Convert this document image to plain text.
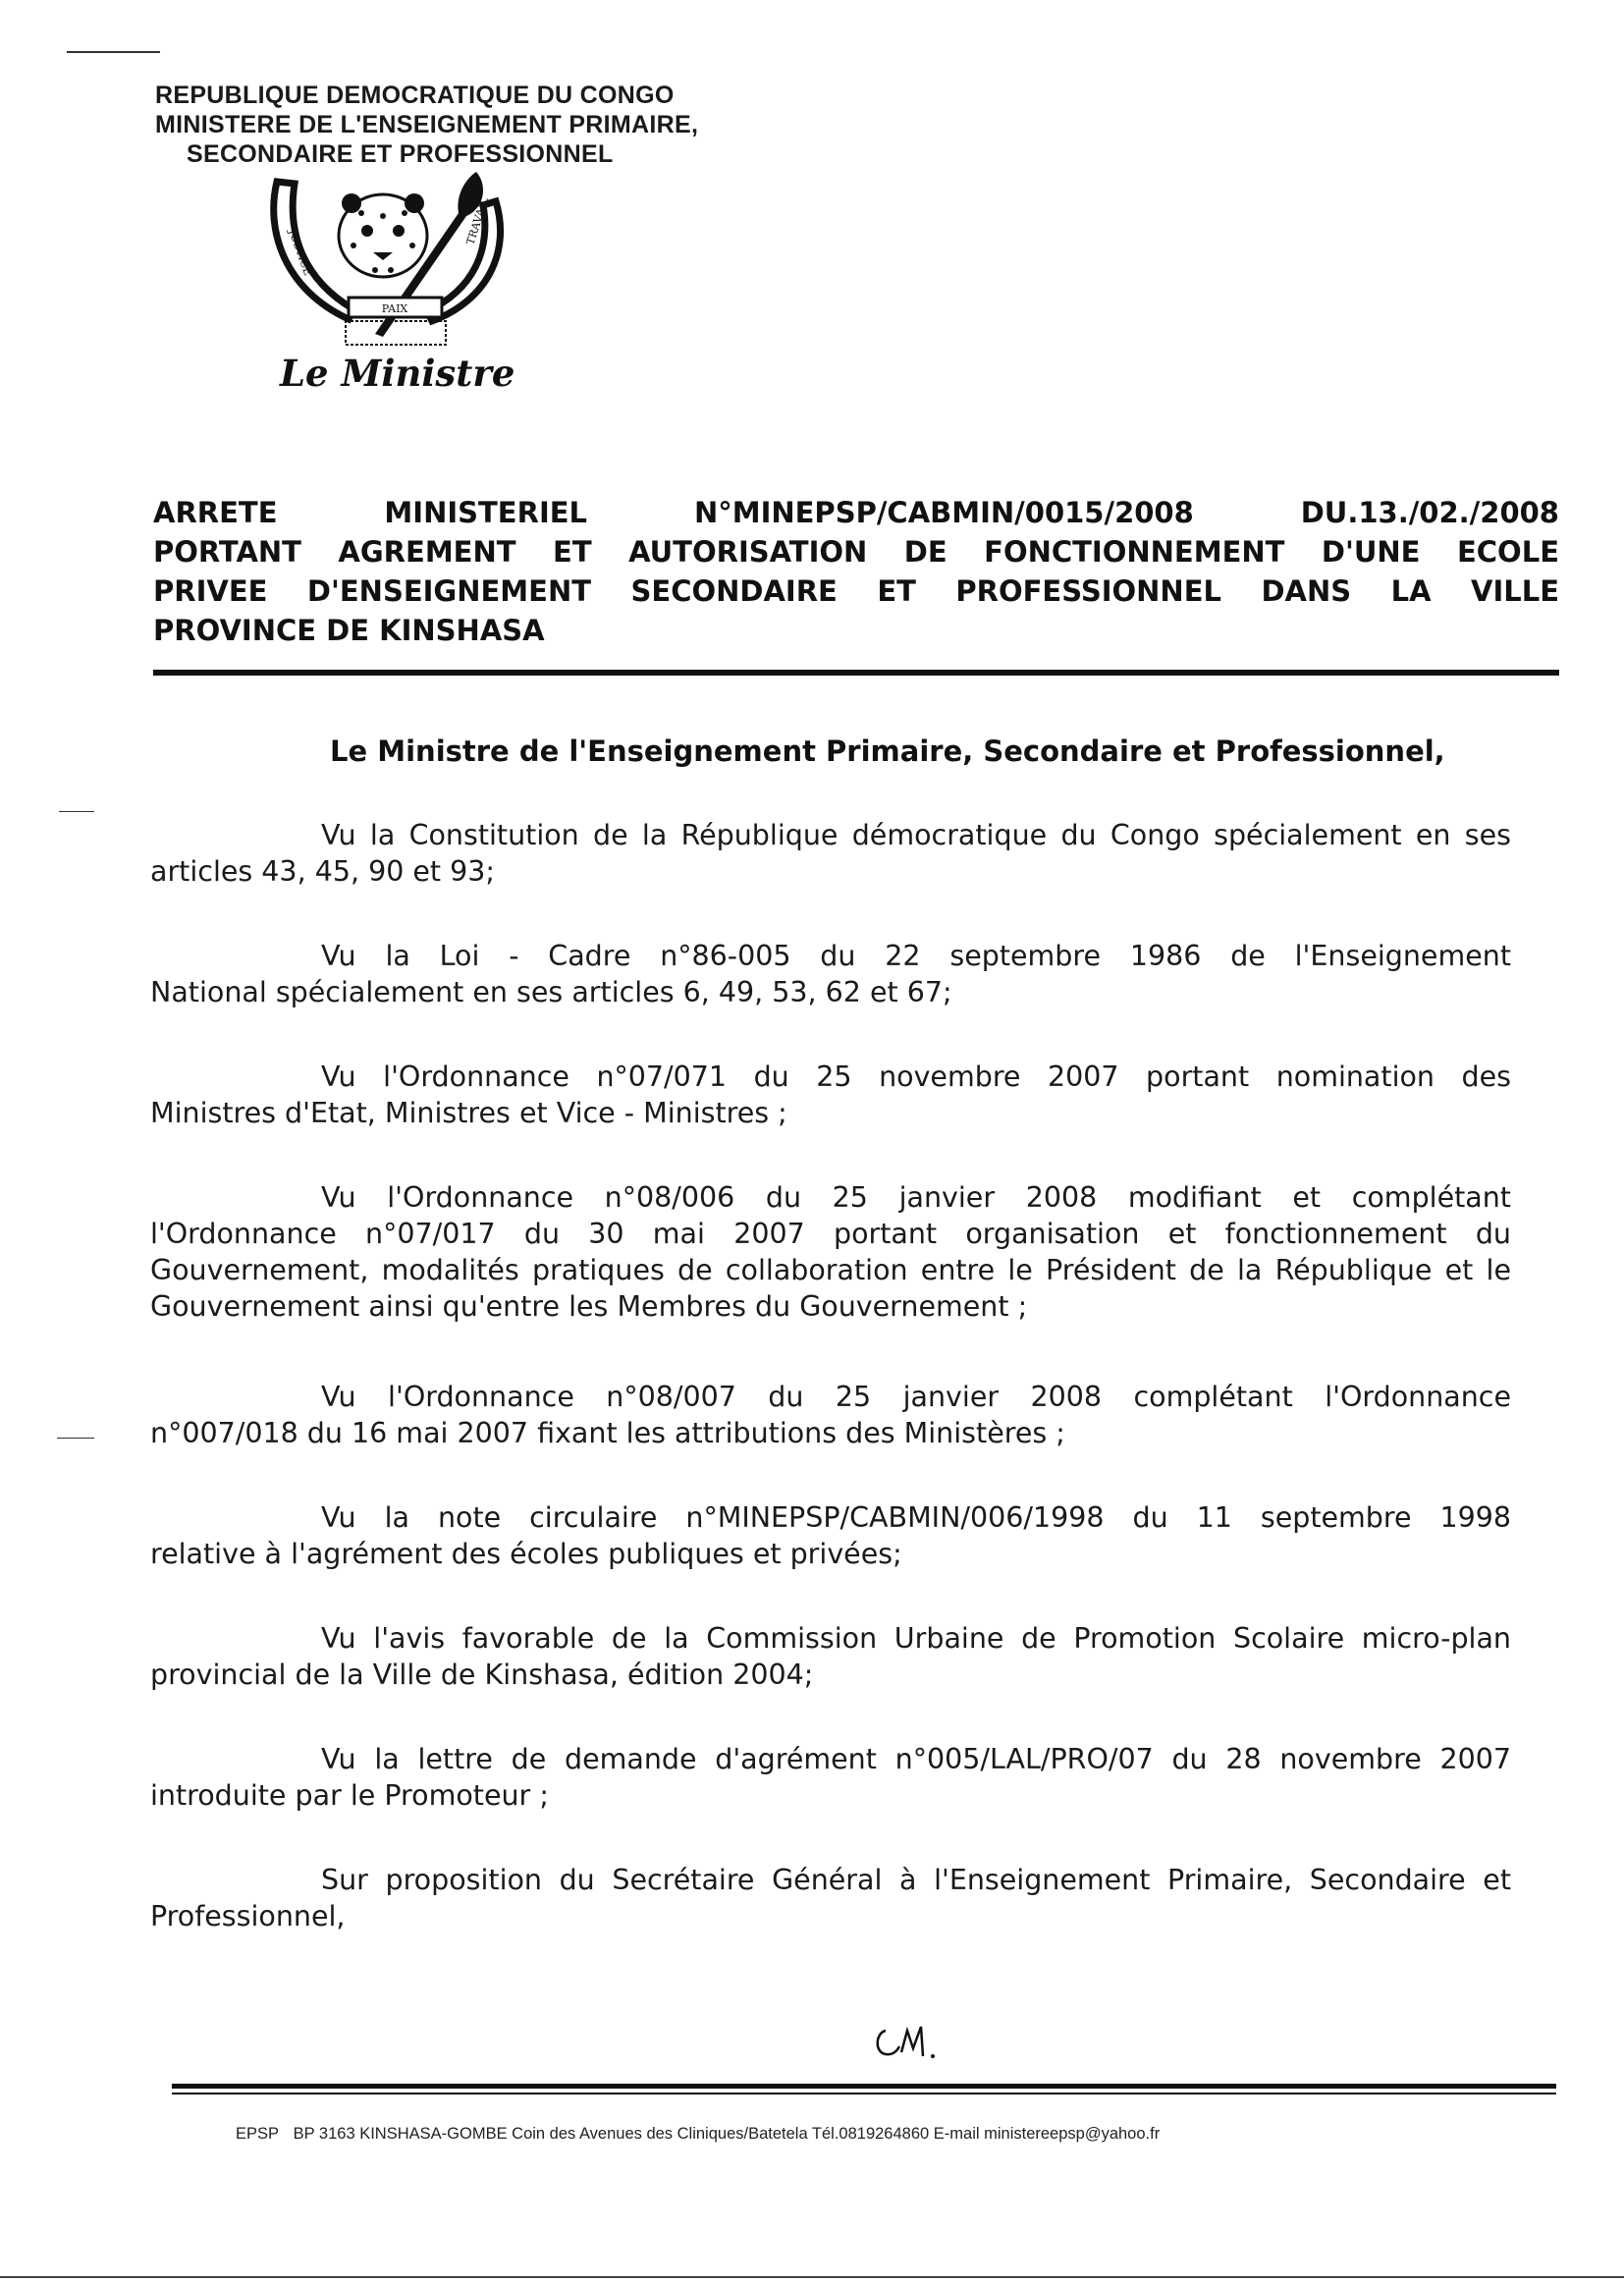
REPUBLIQUE DEMOCRATIQUE DU CONGO
MINISTERE DE L'ENSEIGNEMENT PRIMAIRE,
SECONDAIRE ET PROFESSIONNEL
JUSTICE
TRAVAIL
PAIX
Le Ministre
ARRETE	MINISTERIEL	N°MINEPSP/CABMIN/0015/2008	DU.13./02./2008
PORTANT AGREMENT ET AUTORISATION DE FONCTIONNEMENT D'UNE ECOLE
PRIVEE D'ENSEIGNEMENT SECONDAIRE ET PROFESSIONNEL DANS LA VILLE
PROVINCE DE KINSHASA
Le Ministre de l'Enseignement Primaire, Secondaire et Professionnel,
Vu la Constitution de la République démocratique du Congo spécialement en ses
articles 43, 45, 90 et 93;
Vu la Loi - Cadre n°86-005 du 22 septembre 1986 de l'Enseignement
National spécialement en ses articles 6, 49, 53, 62 et 67;
Vu l'Ordonnance n°07/071 du 25 novembre 2007 portant nomination des
Ministres d'Etat, Ministres et Vice - Ministres ;
Vu l'Ordonnance n°08/006 du 25 janvier 2008 modifiant et complétant
l'Ordonnance n°07/017 du 30 mai 2007 portant organisation et fonctionnement du
Gouvernement, modalités pratiques de collaboration entre le Président de la République et le
Gouvernement ainsi qu'entre les Membres du Gouvernement ;
Vu l'Ordonnance n°08/007 du 25 janvier 2008 complétant l'Ordonnance
n°007/018 du 16 mai 2007 fixant les attributions des Ministères ;
Vu la note circulaire n°MINEPSP/CABMIN/006/1998 du 11 septembre 1998
relative à l'agrément des écoles publiques et privées;
Vu l'avis favorable de la Commission Urbaine de Promotion Scolaire micro-plan
provincial de la Ville de Kinshasa, édition 2004;
Vu la lettre de demande d'agrément n°005/LAL/PRO/07 du 28 novembre 2007
introduite par le Promoteur ;
Sur proposition du Secrétaire Général à l'Enseignement Primaire, Secondaire et
Professionnel,
EPSP BP 3163 KINSHASA-GOMBE Coin des Avenues des Cliniques/Batetela Tél.0819264860 E-mail ministereepsp@yahoo.fr
